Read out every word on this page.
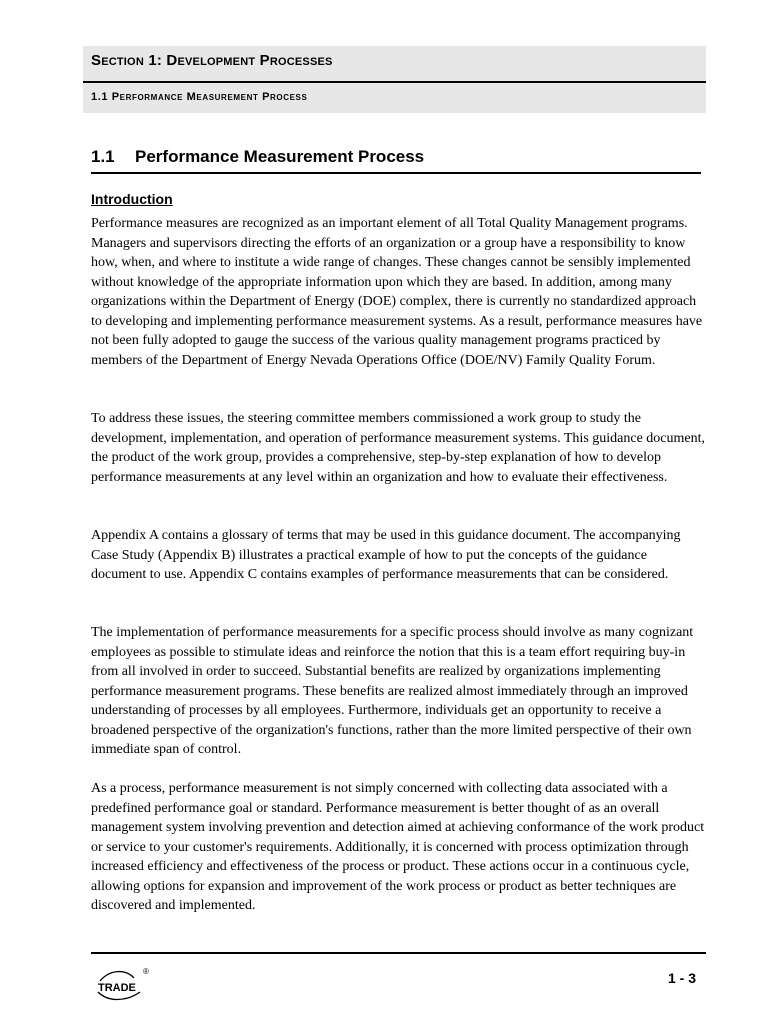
Section 1: Development Processes
1.1 Performance Measurement Process
1.1 Performance Measurement Process
Introduction

Performance measures are recognized as an important element of all Total Quality Management programs. Managers and supervisors directing the efforts of an organization or a group have a responsibility to know how, when, and where to institute a wide range of changes. These changes cannot be sensibly implemented without knowledge of the appropriate information upon which they are based. In addition, among many organizations within the Department of Energy (DOE) complex, there is currently no standardized approach to developing and implementing performance measurement systems. As a result, performance measures have not been fully adopted to gauge the success of the various quality management programs practiced by members of the Department of Energy Nevada Operations Office (DOE/NV) Family Quality Forum.

To address these issues, the steering committee members commissioned a work group to study the development, implementation, and operation of performance measurement systems. This guidance document, the product of the work group, provides a comprehensive, step-by-step explanation of how to develop performance measurements at any level within an organization and how to evaluate their effectiveness.

Appendix A contains a glossary of terms that may be used in this guidance document. The accompanying Case Study (Appendix B) illustrates a practical example of how to put the concepts of the guidance document to use. Appendix C contains examples of performance measurements that can be considered.

The implementation of performance measurements for a specific process should involve as many cognizant employees as possible to stimulate ideas and reinforce the notion that this is a team effort requiring buy-in from all involved in order to succeed. Substantial benefits are realized by organizations implementing performance measurement programs. These benefits are realized almost immediately through an improved understanding of processes by all employees. Furthermore, individuals get an opportunity to receive a broadened perspective of the organization's functions, rather than the more limited perspective of their own immediate span of control.

As a process, performance measurement is not simply concerned with collecting data associated with a predefined performance goal or standard. Performance measurement is better thought of as an overall management system involving prevention and detection aimed at achieving conformance of the work product or service to your customer's requirements. Additionally, it is concerned with process optimization through increased efficiency and effectiveness of the process or product. These actions occur in a continuous cycle, allowing options for expansion and improvement of the work process or product as better techniques are discovered and implemented.

TRADE
®	1 - 3
